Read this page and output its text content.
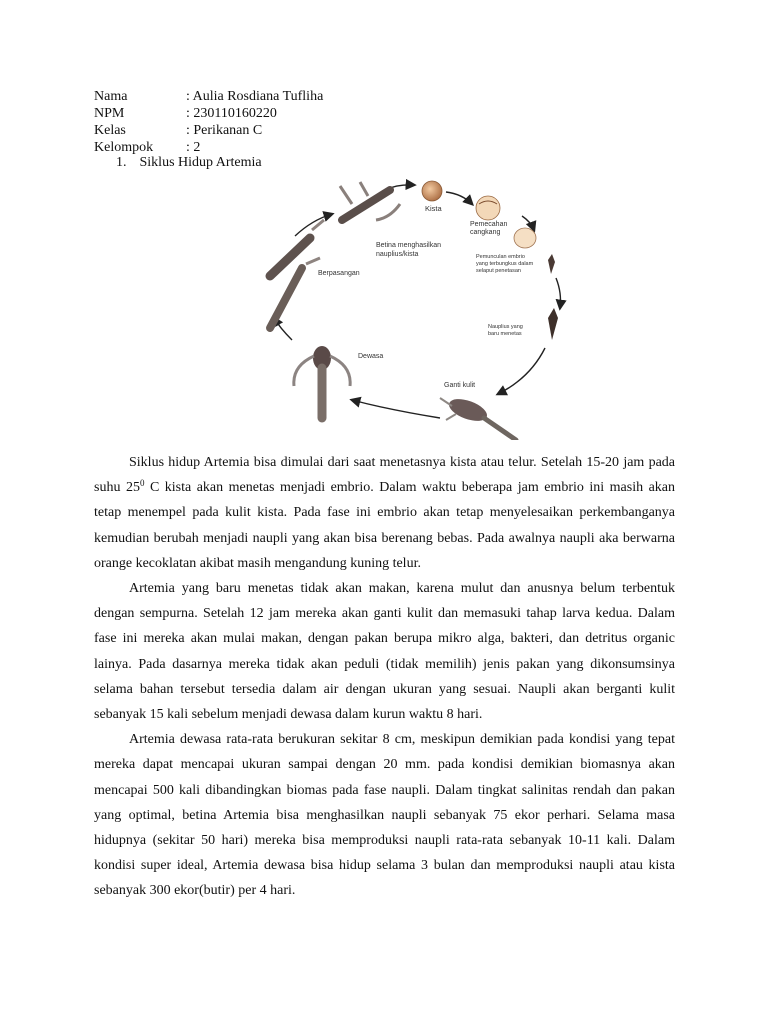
Nama	: Aulia Rosdiana Tufliha
NPM	: 230110160220
Kelas	: Perikanan C
Kelompok : 2
1. Siklus Hidup Artemia
Kista
Pemecahan
cangkang
Pemunculan embrio
yang terbungkus dalam
selaput penetasan
Nauplius yang
baru menetas
Ganti kulit
Dewasa
Berpasangan
Betina menghasilkan
nauplius/kista

Siklus hidup Artemia bisa dimulai dari saat menetasnya kista atau telur. Setelah 15-20 jam pada suhu $25^0$ C kista akan menetas menjadi embrio. Dalam waktu beberapa jam embrio ini masih akan tetap menempel pada kulit kista. Pada fase ini embrio akan tetap menyelesaikan perkembanganya kemudian berubah menjadi naupli yang akan bisa berenang bebas. Pada awalnya naupli aka berwarna orange kecoklatan akibat masih mengandung kuning telur.

Artemia yang baru menetas tidak akan makan, karena mulut dan anusnya belum terbentuk dengan sempurna. Setelah 12 jam mereka akan ganti kulit dan memasuki tahap larva kedua. Dalam fase ini mereka akan mulai makan, dengan pakan berupa mikro alga, bakteri, dan detritus organic lainya. Pada dasarnya mereka tidak akan peduli (tidak memilih) jenis pakan yang dikonsumsinya selama bahan tersebut tersedia dalam air dengan ukuran yang sesuai. Naupli akan berganti kulit sebanyak 15 kali sebelum menjadi dewasa dalam kurun waktu 8 hari.

Artemia dewasa rata-rata berukuran sekitar 8 cm, meskipun demikian pada kondisi yang tepat mereka dapat mencapai ukuran sampai dengan 20 mm. pada kondisi demikian biomasnya akan mencapai 500 kali dibandingkan biomas pada fase naupli. Dalam tingkat salinitas rendah dan pakan yang optimal, betina Artemia bisa menghasilkan naupli sebanyak 75 ekor perhari. Selama masa hidupnya (sekitar 50 hari) mereka bisa memproduksi naupli rata-rata sebanyak 10-11 kali. Dalam kondisi super ideal, Artemia dewasa bisa hidup selama 3 bulan dan memproduksi naupli atau kista sebanyak 300 ekor(butir) per 4 hari.
